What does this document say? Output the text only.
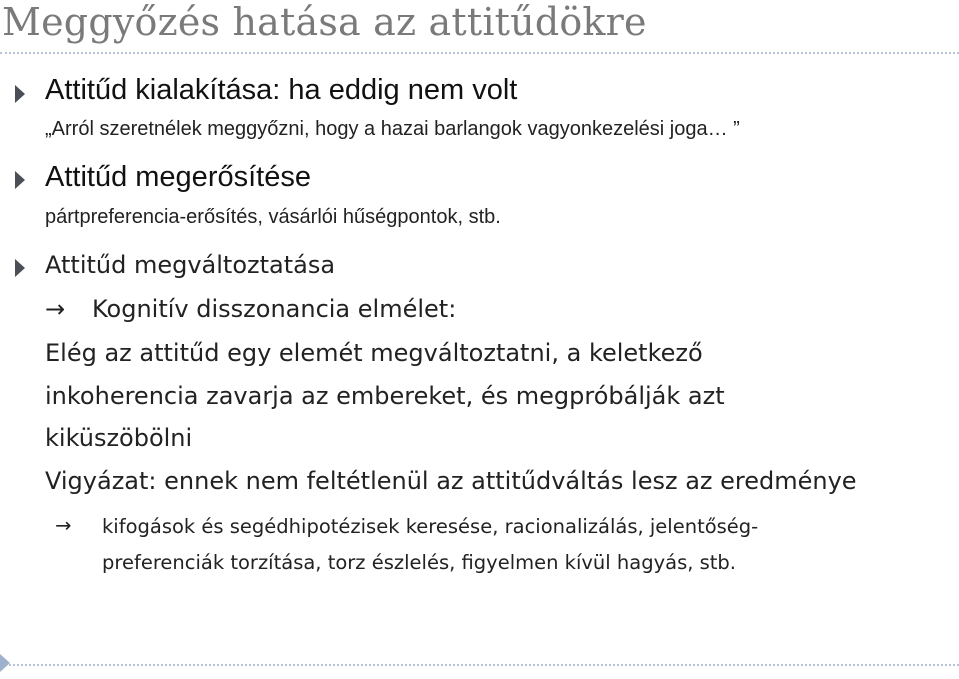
Meggyőzés hatása az attitűdökre
Attitűd kialakítása: ha eddig nem volt
„Arról szeretnélek meggyőzni, hogy a hazai barlangok vagyonkezelési joga… ”
Attitűd megerősítése
pártpreferencia-erősítés, vásárlói hűségpontok, stb.
Attitűd megváltoztatása
→ Kognitív disszonancia elmélet:
Elég az attitűd egy elemét megváltoztatni, a keletkező
inkoherencia zavarja az embereket, és megpróbálják azt
kiküszöbölni
Vigyázat: ennek nem feltétlenül az attitűdváltás lesz az eredménye
→ kifogások és segédhipotézisek keresése, racionalizálás, jelentőség-
preferenciák torzítása, torz észlelés, figyelmen kívül hagyás, stb.
